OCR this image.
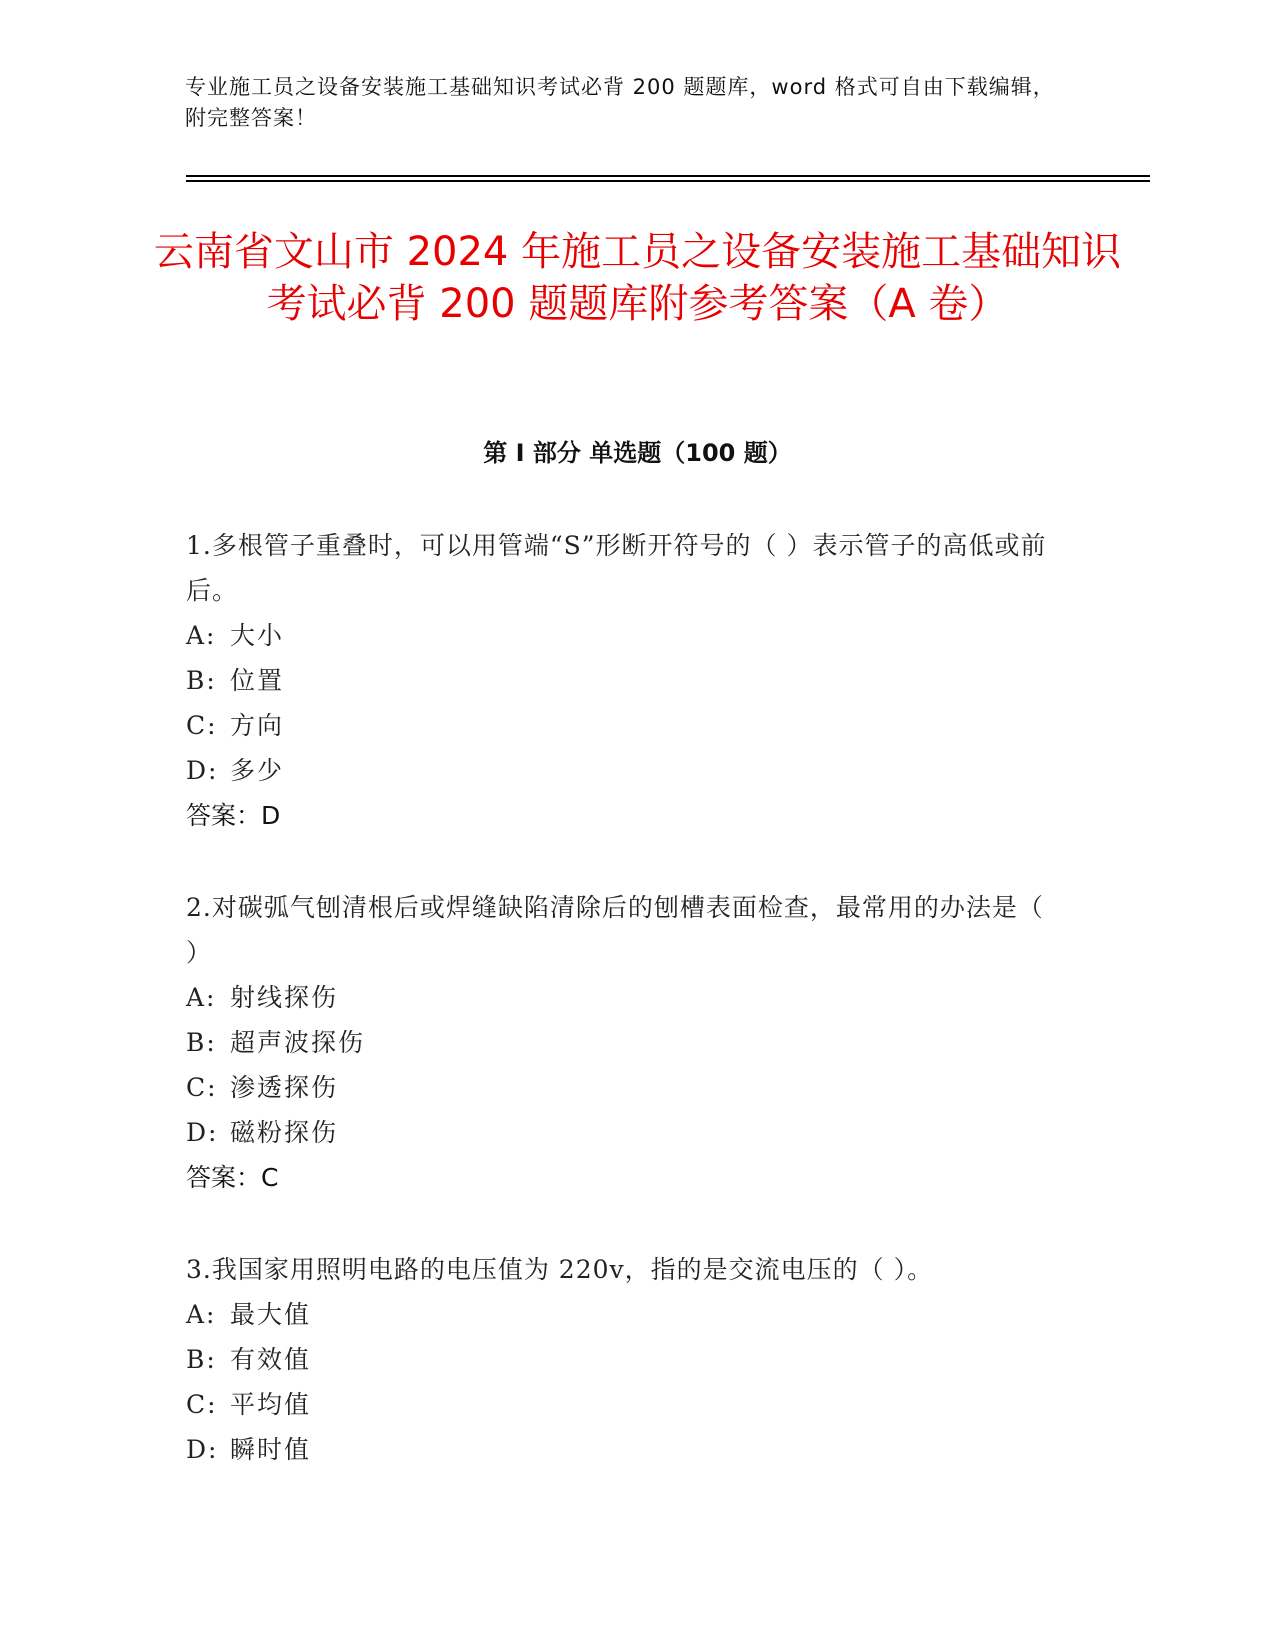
专业施工员之设备安装施工基础知识考试必背 200 题题库，word 格式可自由下载编辑，附完整答案！
云南省文山市 2024 年施工员之设备安装施工基础知识考试必背 200 题题库附参考答案（A 卷）
第 I 部分 单选题（100 题）

1.多根管子重叠时，可以用管端“S”形断开符号的（ ）表示管子的高低或前后。

A: 大小

B: 位置

C: 方向

D: 多少

答案：D

2.对碳弧气刨清根后或焊缝缺陷清除后的刨槽表面检查，最常用的办法是（ ）

A: 射线探伤

B: 超声波探伤

C: 渗透探伤

D: 磁粉探伤

答案：C

3.我国家用照明电路的电压值为 220v，指的是交流电压的（ ）。

A: 最大值

B: 有效值

C: 平均值

D: 瞬时值
